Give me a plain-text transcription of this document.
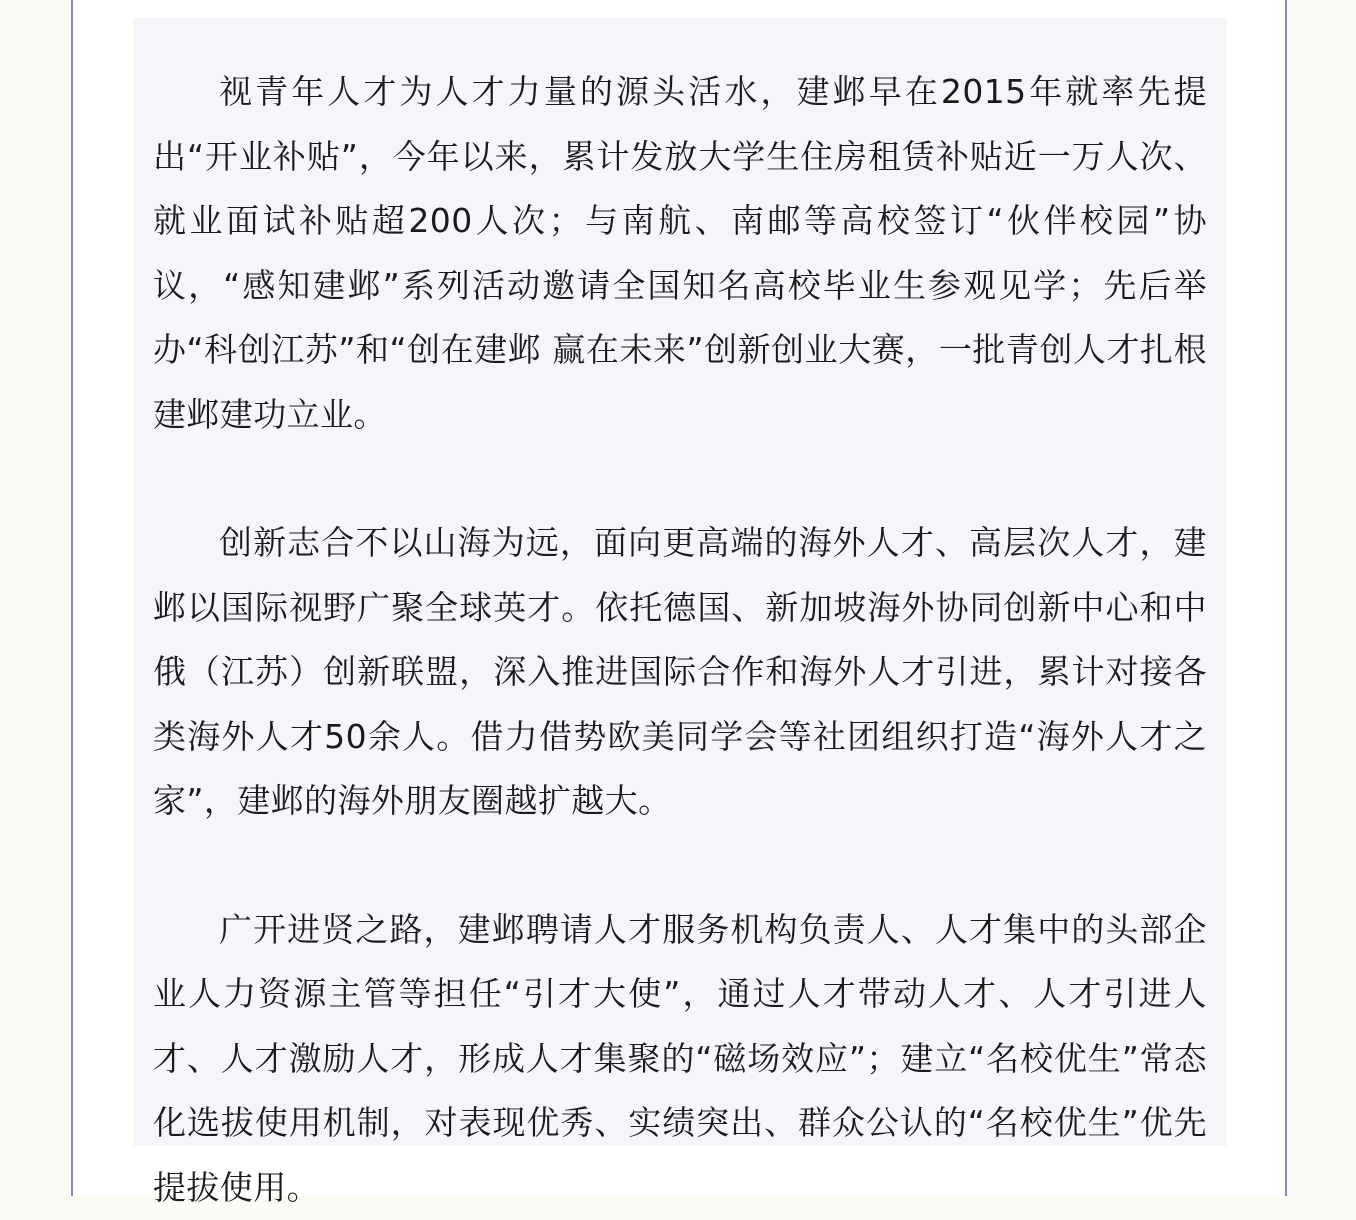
视青年人才为人才力量的源头活水，建邺早在2015年就率先提出“开业补贴”，今年以来，累计发放大学生住房租赁补贴近一万人次、就业面试补贴超200人次；与南航、南邮等高校签订“伙伴校园”协议，“感知建邺”系列活动邀请全国知名高校毕业生参观见学；先后举办“科创江苏”和“创在建邺 赢在未来”创新创业大赛，一批青创人才扎根建邺建功立业。

创新志合不以山海为远，面向更高端的海外人才、高层次人才，建邺以国际视野广聚全球英才。依托德国、新加坡海外协同创新中心和中俄（江苏）创新联盟，深入推进国际合作和海外人才引进，累计对接各类海外人才50余人。借力借势欧美同学会等社团组织打造“海外人才之家”，建邺的海外朋友圈越扩越大。

广开进贤之路，建邺聘请人才服务机构负责人、人才集中的头部企业人力资源主管等担任“引才大使”，通过人才带动人才、人才引进人才、人才激励人才，形成人才集聚的“磁场效应”；建立“名校优生”常态化选拔使用机制，对表现优秀、实绩突出、群众公认的“名校优生”优先提拔使用。
